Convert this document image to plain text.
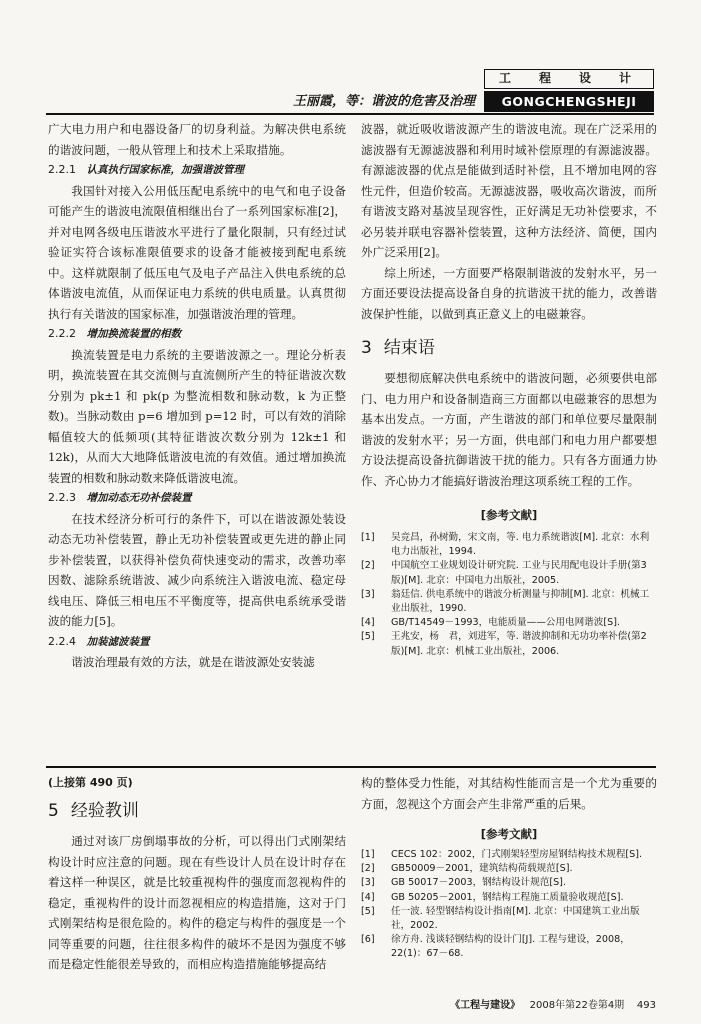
工　程　设　计
王丽霞，等：谐波的危害及治理	GONGCHENGSHEJI

广大电力用户和电器设备厂的切身利益。为解决供电系统的谐波问题，一般从管理上和技术上采取措施。

2.2.1 认真执行国家标准，加强谐波管理

我国针对接入公用低压配电系统中的电气和电子设备可能产生的谐波电流限值相继出台了一系列国家标准[2]，并对电网各级电压谐波水平进行了量化限制，只有经过试验证实符合该标准限值要求的设备才能被接到配电系统中。这样就限制了低压电气及电子产品注入供电系统的总体谐波电流值，从而保证电力系统的供电质量。认真贯彻执行有关谐波的国家标准，加强谐波治理的管理。

2.2.2 增加换流装置的相数

换流装置是电力系统的主要谐波源之一。理论分析表明，换流装置在其交流侧与直流侧所产生的特征谐波次数分别为 pk±1 和 pk(p 为整流相数和脉动数，k 为正整数)。当脉动数由 p=6 增加到 p=12 时，可以有效的消除幅值较大的低频项(其特征谐波次数分别为 12k±1 和 12k)，从而大大地降低谐波电流的有效值。通过增加换流装置的相数和脉动数来降低谐波电流。

2.2.3 增加动态无功补偿装置

在技术经济分析可行的条件下，可以在谐波源处装设动态无功补偿装置，静止无功补偿装置或更先进的静止同步补偿装置，以获得补偿负荷快速变动的需求，改善功率因数、滤除系统谐波、减少向系统注入谐波电流、稳定母线电压、降低三相电压不平衡度等，提高供电系统承受谐波的能力[5]。

2.2.4 加装滤波装置

谐波治理最有效的方法，就是在谐波源处安装滤

波器，就近吸收谐波源产生的谐波电流。现在广泛采用的滤波器有无源滤波器和利用时域补偿原理的有源滤波器。有源滤波器的优点是能做到适时补偿，且不增加电网的容性元件，但造价较高。无源滤波器，吸收高次谐波，而所有谐波支路对基波呈现容性，正好满足无功补偿要求，不必另装并联电容器补偿装置，这种方法经济、简便，国内外广泛采用[2]。

综上所述，一方面要严格限制谐波的发射水平，另一方面还要设法提高设备自身的抗谐波干扰的能力，改善谐波保护性能，以做到真正意义上的电磁兼容。

3 结束语

要想彻底解决供电系统中的谐波问题，必须要供电部门、电力用户和设备制造商三方面都以电磁兼容的思想为基本出发点。一方面，产生谐波的部门和单位要尽量限制谐波的发射水平；另一方面，供电部门和电力用户都要想方设法提高设备抗御谐波干扰的能力。只有各方面通力协作、齐心协力才能搞好谐波治理这项系统工程的工作。

[参考文献]
[1] 吴竞昌，孙树勤，宋文南，等. 电力系统谐波[M]. 北京：水利电力出版社，1994.
[2] 中国航空工业规划设计研究院. 工业与民用配电设计手册(第3版)[M]. 北京：中国电力出版社，2005.
[3] 翁廷信. 供电系统中的谐波分析测量与抑制[M]. 北京：机械工业出版社，1990.
[4] GB/T14549－1993，电能质量——公用电网谐波[S].
[5] 王兆安，杨　君，刘进军，等. 谐波抑制和无功功率补偿(第2版)[M]. 北京：机械工业出版社，2006.
(上接第 490 页)
5 经验教训

通过对该厂房倒塌事故的分析，可以得出门式刚架结构设计时应注意的问题。现在有些设计人员在设计时存在着这样一种误区，就是比较重视构件的强度而忽视构件的稳定，重视构件的设计而忽视相应的构造措施，这对于门式刚架结构是很危险的。构件的稳定与构件的强度是一个同等重要的问题，往往很多构件的破坏不是因为强度不够而是稳定性能很差导致的，而相应构造措施能够提高结

构的整体受力性能，对其结构性能而言是一个尤为重要的方面，忽视这个方面会产生非常严重的后果。

[参考文献]
[1] CECS 102：2002，门式刚架轻型房屋钢结构技术规程[S].
[2] GB50009－2001，建筑结构荷载规范[S].
[3] GB 50017－2003，钢结构设计规范[S].
[4] GB 50205－2001，钢结构工程施工质量验收规范[S].
[5] 任一波. 轻型钢结构设计指南[M]. 北京：中国建筑工业出版社，2002.
[6] 徐方舟. 浅谈轻钢结构的设计门[J]. 工程与建设，2008，22(1)：67－68.
《工程与建设》 2008年第22卷第4期 493
